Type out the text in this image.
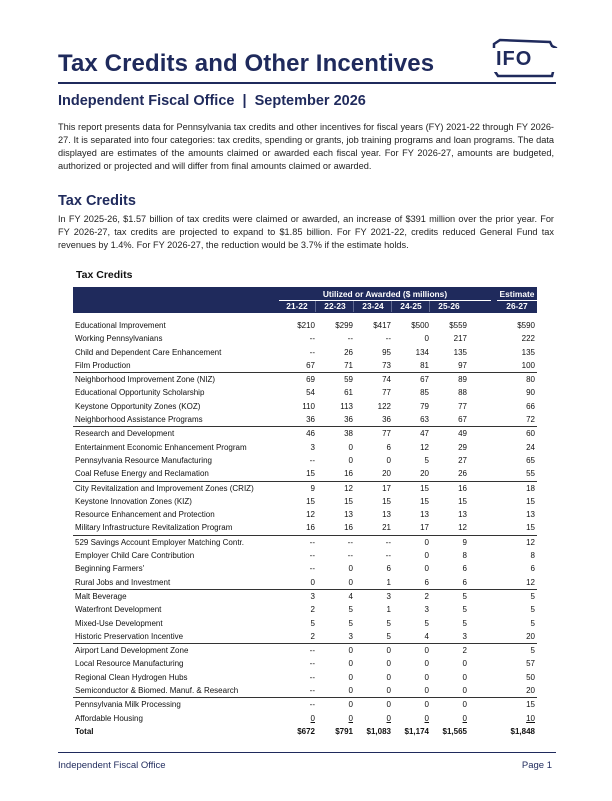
Tax Credits and Other Incentives	IFO
Independent Fiscal Office  |  September 2026
This report presents data for Pennsylvania tax credits and other incentives for fiscal years (FY) 2021-22 through FY 2026-27. It is separated into four categories: tax credits, spending or grants, job training programs and loan programs. The data displayed are estimates of the amounts claimed or awarded each fiscal year. For FY 2026-27, amounts are budgeted, authorized or projected and will differ from final amounts claimed or awarded.
Tax Credits
In FY 2025-26, $1.57 billion of tax credits were claimed or awarded, an increase of $391 million over the prior year. For FY 2026-27, tax credits are projected to expand to $1.85 billion. For FY 2021-22, credits reduced General Fund tax revenues by 1.4%. For FY 2026-27, the reduction would be 3.7% if the estimate holds.
Tax Credits
Utilized or Awarded ($ millions)	Estimate
21-22	22-23	23-24	24-25	25-26	26-27
Educational Improvement	$210	$299	$417	$500	$559	$590
Working Pennsylvanians	--	--	--	0	217	222
Child and Dependent Care Enhancement	--	26	95	134	135	135
Film Production	67	71	73	81	97	100
Neighborhood Improvement Zone (NIZ)	69	59	74	67	89	80
Educational Opportunity Scholarship	54	61	77	85	88	90
Keystone Opportunity Zones (KOZ)	110	113	122	79	77	66
Neighborhood Assistance Programs	36	36	36	63	67	72
Research and Development	46	38	77	47	49	60
Entertainment Economic Enhancement Program	3	0	6	12	29	24
Pennsylvania Resource Manufacturing	--	0	0	5	27	65
Coal Refuse Energy and Reclamation	15	16	20	20	26	55
City Revitalization and Improvement Zones (CRIZ)	9	12	17	15	16	18
Keystone Innovation Zones (KIZ)	15	15	15	15	15	15
Resource Enhancement and Protection	12	13	13	13	13	13
Military Infrastructure Revitalization Program	16	16	21	17	12	15
529 Savings Account Employer Matching Contr.	--	--	--	0	9	12
Employer Child Care Contribution	--	--	--	0	8	8
Beginning Farmers'	--	0	6	0	6	6
Rural Jobs and Investment	0	0	1	6	6	12
Malt Beverage	3	4	3	2	5	5
Waterfront Development	2	5	1	3	5	5
Mixed-Use Development	5	5	5	5	5	5
Historic Preservation Incentive	2	3	5	4	3	20
Airport Land Development Zone	--	0	0	0	2	5
Local Resource Manufacturing	--	0	0	0	0	57
Regional Clean Hydrogen Hubs	--	0	0	0	0	50
Semiconductor & Biomed. Manuf. & Research	--	0	0	0	0	20
Pennsylvania Milk Processing	--	0	0	0	0	15
Affordable Housing	0	0	0	0	0	10
Total	$672	$791	$1,083	$1,174	$1,565	$1,848
Independent Fiscal Office	Page 1
